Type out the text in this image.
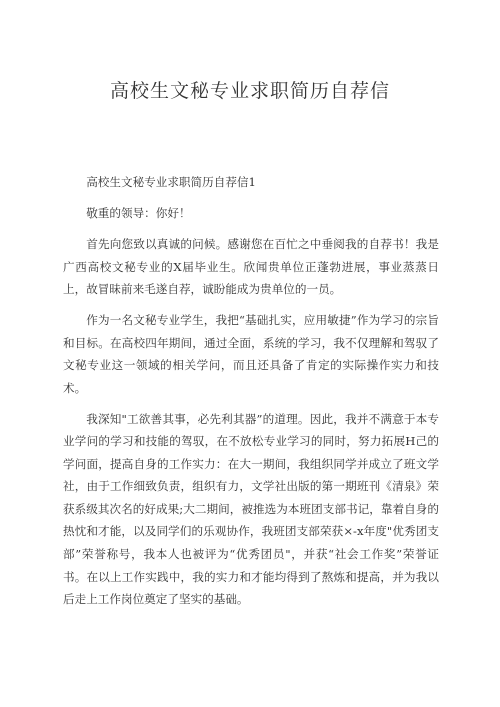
高校生文秘专业求职简历自荐信

高校生文秘专业求职简历自荐信1

敬重的领导：你好！

首先向您致以真诚的问候。感谢您在百忙之中垂阅我的自荐书！我是广西高校文秘专业的X届毕业生。欣闻贵单位正蓬勃进展，事业蒸蒸日上，故冒昧前来毛遂自荐，诚盼能成为贵单位的一员。

作为一名文秘专业学生，我把“基础扎实，应用敏捷”作为学习的宗旨和目标。在高校四年期间，通过全面，系统的学习，我不仅理解和驾驭了文秘专业这一领域的相关学问，而且还具备了肯定的实际操作实力和技术。

我深知"工欲善其事，必先利其器”的道理。因此，我并不满意于本专业学问的学习和技能的驾驭，在不放松专业学习的同时，努力拓展H己的学问面，提高自身的工作实力：在大一期间，我组织同学并成立了班文学社，由于工作细致负责，组织有力，文学社出版的第一期班刊《清泉》荣获系级其次名的好成果;大二期间，被推选为本班团支部书记，靠着自身的热忱和才能，以及同学们的乐观协作，我班团支部荣获×-x年度"优秀团支部”荣誉称号，我本人也被评为“优秀团员"，并获“社会工作奖”荣誉证书。在以上工作实践中，我的实力和才能均得到了熬炼和提高，并为我以后走上工作岗位奠定了坚实的基础。
